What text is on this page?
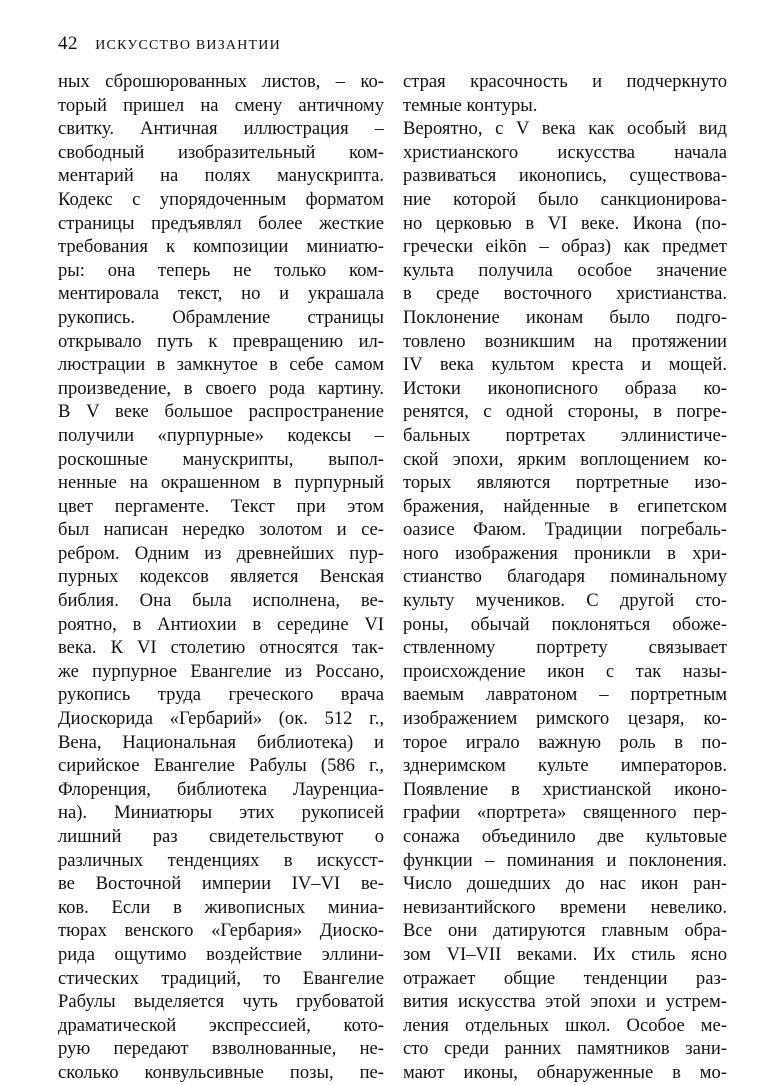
42 ИСКУССТВО ВИЗАНТИИ
ных сброшюрованных листов, – ко-
торый пришел на смену античному
свитку. Античная иллюстрация –
свободный изобразительный ком-
ментарий на полях манускрипта.
Кодекс с упорядоченным форматом
страницы предъявлял более жесткие
требования к композиции миниатю-
ры: она теперь не только ком-
ментировала текст, но и украшала
рукопись. Обрамление страницы
открывало путь к превращению ил-
люстрации в замкнутое в себе самом
произведение, в своего рода картину.
В V веке большое распространение
получили «пурпурные» кодексы –
роскошные манускрипты, выпол-
ненные на окрашенном в пурпурный
цвет пергаменте. Текст при этом
был написан нередко золотом и се-
ребром. Одним из древнейших пур-
пурных кодексов является Венская
библия. Она была исполнена, ве-
роятно, в Антиохии в середине VI
века. К VI столетию относятся так-
же пурпурное Евангелие из Россано,
рукопись труда греческого врача
Диоскорида «Гербарий» (ок. 512 г.,
Вена, Национальная библиотека) и
сирийское Евангелие Рабулы (586 г.,
Флоренция, библиотека Лауренциа-
на). Миниатюры этих рукописей
лишний раз свидетельствуют о
различных тенденциях в искусст-
ве Восточной империи IV–VI ве-
ков. Если в живописных миниа-
тюрах венского «Гербария» Диоско-
рида ощутимо воздействие эллини-
стических традиций, то Евангелие
Рабулы выделяется чуть грубоватой
драматической экспрессией, кото-
рую передают взволнованные, не-
сколько конвульсивные позы, пе-
страя красочность и подчеркнуто
темные контуры.
Вероятно, с V века как особый вид
христианского искусства начала
развиваться иконопись, существова-
ние которой было санкционирова-
но церковью в VI веке. Икона (по-
гречески eikōn – образ) как предмет
культа получила особое значение
в среде восточного христианства.
Поклонение иконам было подго-
товлено возникшим на протяжении
IV века культом креста и мощей.
Истоки иконописного образа ко-
ренятся, с одной стороны, в погре-
бальных портретах эллинистиче-
ской эпохи, ярким воплощением ко-
торых являются портретные изо-
бражения, найденные в египетском
оазисе Фаюм. Традиции погребаль-
ного изображения проникли в хри-
стианство благодаря поминальному
культу мучеников. С другой сто-
роны, обычай поклоняться обоже-
ствленному портрету связывает
происхождение икон с так назы-
ваемым лавратоном – портретным
изображением римского цезаря, ко-
торое играло важную роль в по-
зднеримском культе императоров.
Появление в христианской иконо-
графии «портрета» священного пер-
сонажа объединило две культовые
функции – поминания и поклонения.
Число дошедших до нас икон ран-
невизантийского времени невелико.
Все они датируются главным обра-
зом VI–VII веками. Их стиль ясно
отражает общие тенденции раз-
вития искусства этой эпохи и устрем-
ления отдельных школ. Особое ме-
сто среди ранних памятников зани-
мают иконы, обнаруженные в мо-
